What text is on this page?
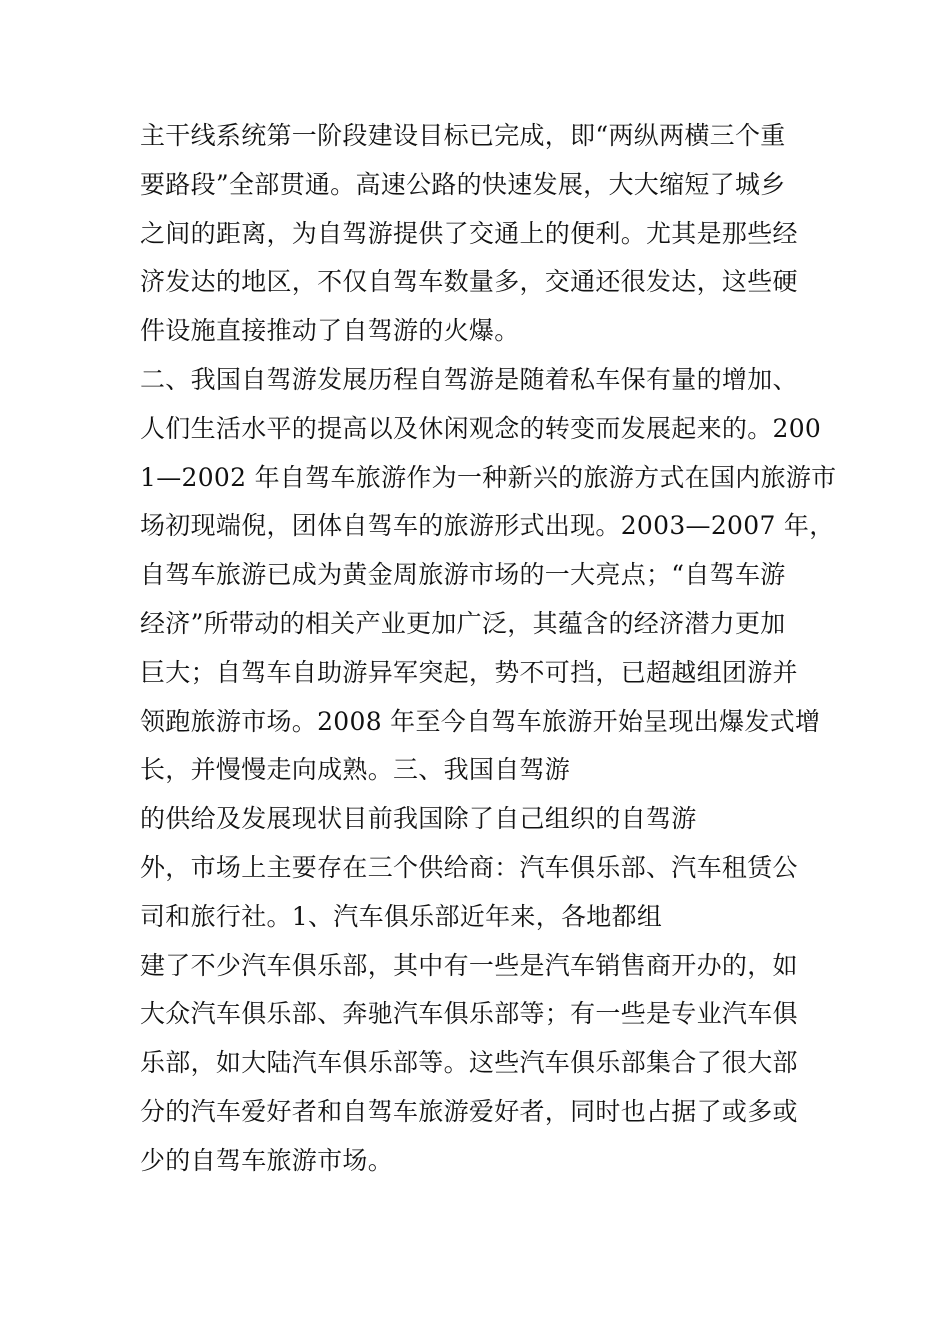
主干线系统第一阶段建设目标已完成，即“两纵两横三个重
要路段”全部贯通。高速公路的快速发展，大大缩短了城乡
之间的距离，为自驾游提供了交通上的便利。尤其是那些经
济发达的地区，不仅自驾车数量多，交通还很发达，这些硬
件设施直接推动了自驾游的火爆。
二、我国自驾游发展历程自驾游是随着私车保有量的增加、
人们生活水平的提高以及休闲观念的转变而发展起来的。200
1—2002 年自驾车旅游作为一种新兴的旅游方式在国内旅游市
场初现端倪，团体自驾车的旅游形式出现。2003—2007 年，
自驾车旅游已成为黄金周旅游市场的一大亮点；“自驾车游
经济”所带动的相关产业更加广泛，其蕴含的经济潜力更加
巨大；自驾车自助游异军突起，势不可挡，已超越组团游并
领跑旅游市场。2008 年至今自驾车旅游开始呈现出爆发式增
长，并慢慢走向成熟。三、我国自驾游
的供给及发展现状目前我国除了自己组织的自驾游
外，市场上主要存在三个供给商：汽车俱乐部、汽车租赁公
司和旅行社。1、汽车俱乐部近年来，各地都组
建了不少汽车俱乐部，其中有一些是汽车销售商开办的，如
大众汽车俱乐部、奔驰汽车俱乐部等；有一些是专业汽车俱
乐部，如大陆汽车俱乐部等。这些汽车俱乐部集合了很大部
分的汽车爱好者和自驾车旅游爱好者，同时也占据了或多或
少的自驾车旅游市场。
